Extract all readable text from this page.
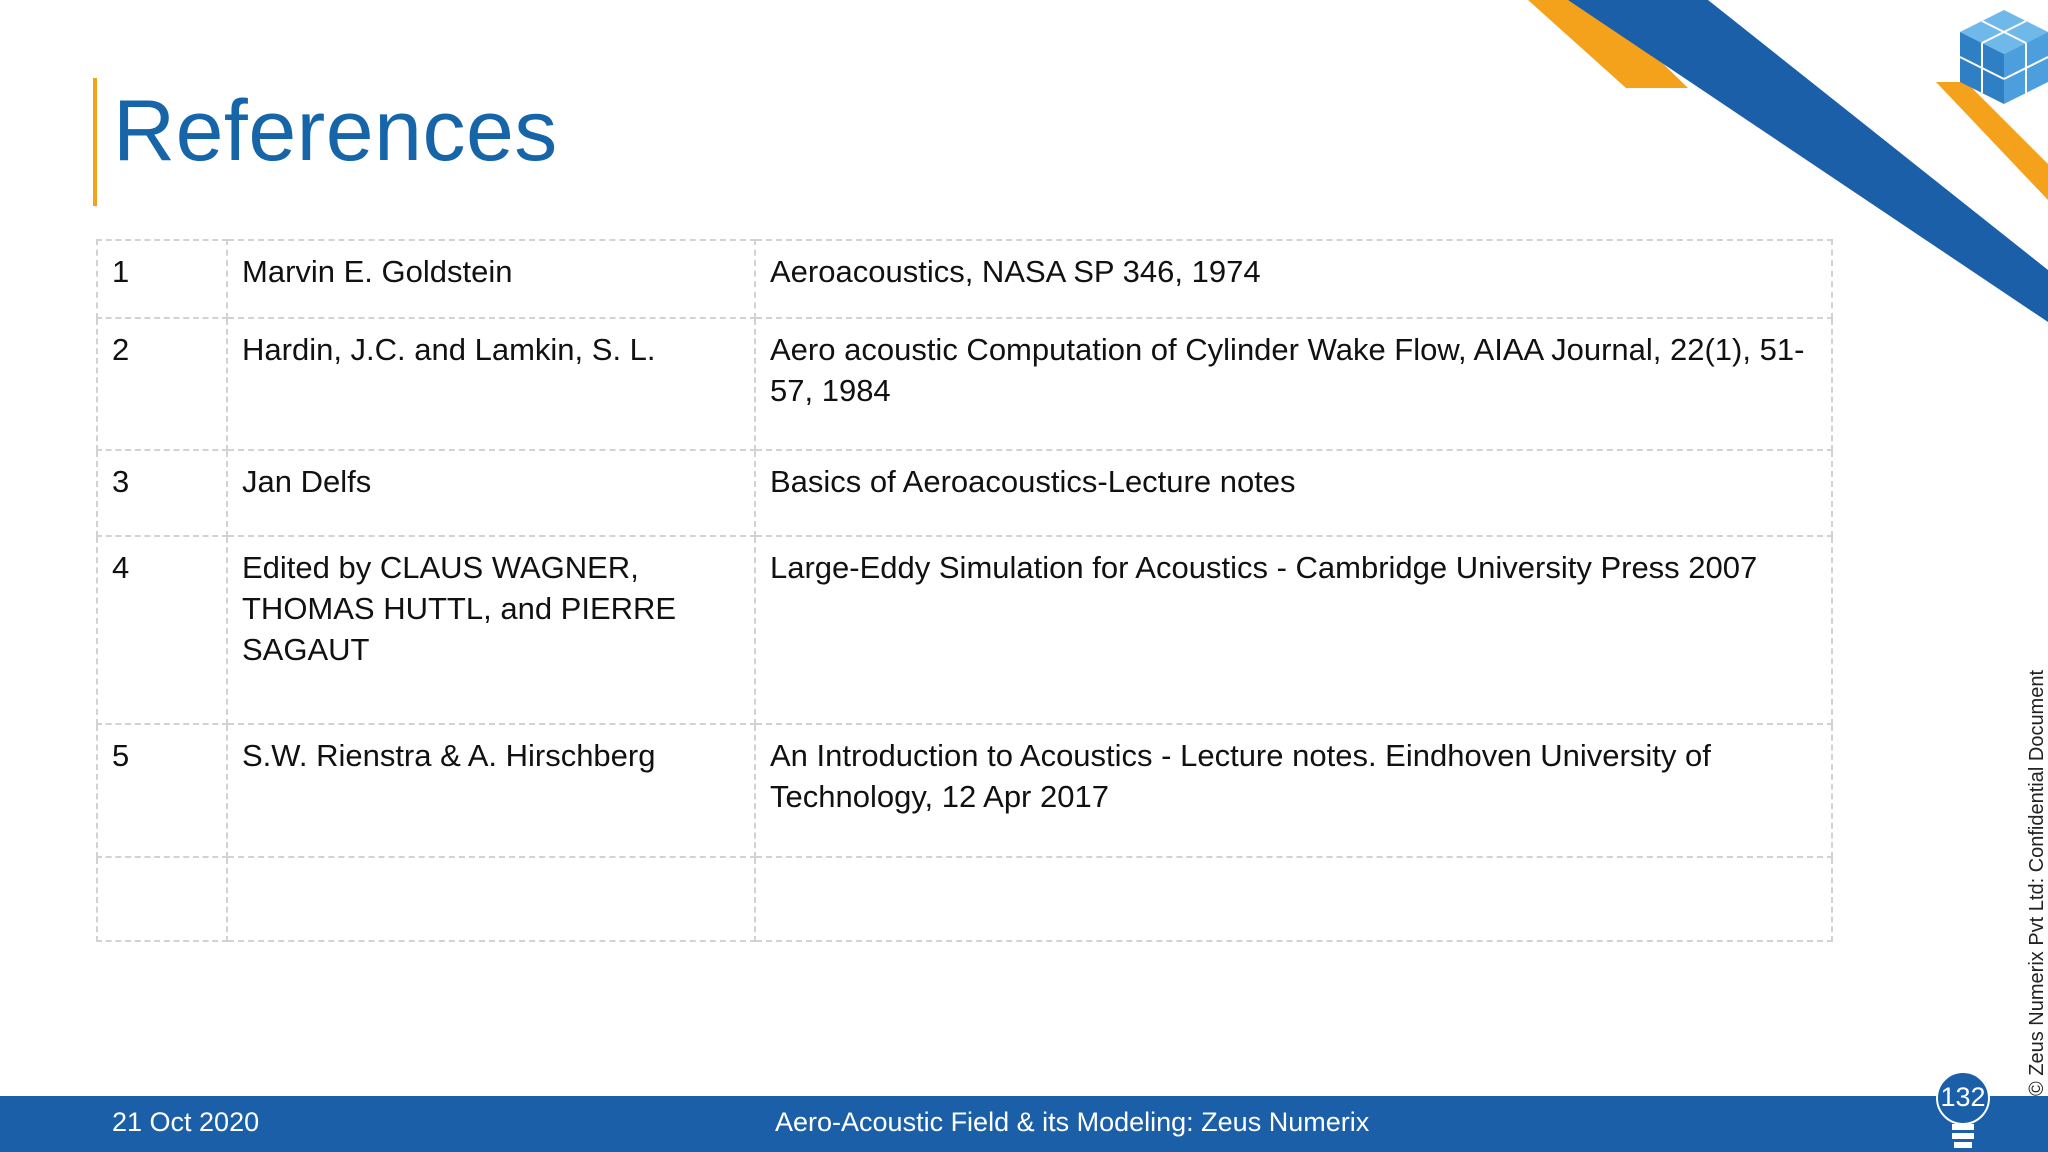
References
1	Marvin E. Goldstein	Aeroacoustics, NASA SP 346, 1974
2	Hardin, J.C. and Lamkin, S. L.	Aero acoustic Computation of Cylinder Wake Flow, AIAA Journal, 22(1), 51-57, 1984
3	Jan Delfs	Basics of Aeroacoustics-Lecture notes
4	Edited by CLAUS WAGNER, THOMAS HUTTL, and PIERRE SAGAUT	Large-Eddy Simulation for Acoustics - Cambridge University Press 2007
5	S.W. Rienstra & A. Hirschberg	An Introduction to Acoustics - Lecture notes. Eindhoven University of Technology, 12 Apr 2017
			© Zeus Numerix Pvt Ltd: Confidential Document
21 Oct 2020	Aero-Acoustic Field & its Modeling: Zeus Numerix
132
